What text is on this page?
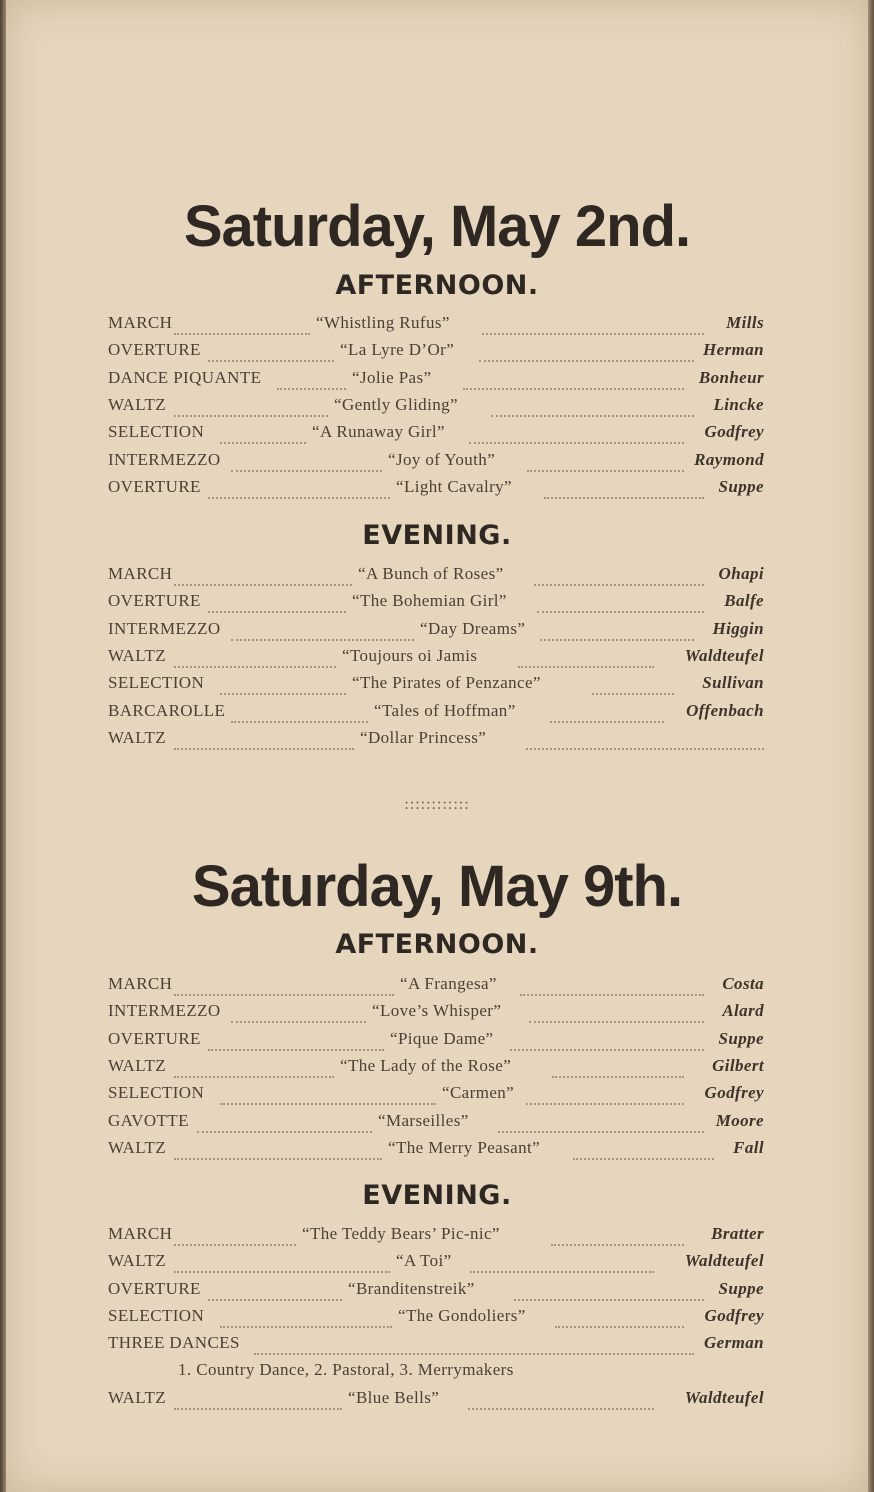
Saturday, May 2nd.
AFTERNOON.
MARCH	“Whistling Rufus”	Mills
OVERTURE	“La Lyre D’Or”	Herman
DANCE PIQUANTE	“Jolie Pas”	Bonheur
WALTZ	“Gently Gliding”	Lincke
SELECTION	“A Runaway Girl”	Godfrey
INTERMEZZO	“Joy of Youth”	Raymond
OVERTURE	“Light Cavalry”	Suppe
EVENING.
MARCH	“A Bunch of Roses”	Ohapi
OVERTURE	“The Bohemian Girl”	Balfe
INTERMEZZO	“Day Dreams”	Higgin
WALTZ	“Toujours oi Jamis	Waldteufel
SELECTION	“The Pirates of Penzance”	Sullivan
BARCAROLLE	“Tales of Hoffman”	Offenbach
WALTZ	“Dollar Princess”
::::::::::::
Saturday, May 9th.
AFTERNOON.
MARCH	“A Frangesa”	Costa
INTERMEZZO	“Love’s Whisper”	Alard
OVERTURE	“Pique Dame”	Suppe
WALTZ	“The Lady of the Rose”	Gilbert
SELECTION	“Carmen”	Godfrey
GAVOTTE	“Marseilles”	Moore
WALTZ	“The Merry Peasant”	Fall
EVENING.
MARCH	“The Teddy Bears’ Pic-nic”	Bratter
WALTZ	“A Toi”	Waldteufel
OVERTURE	“Branditenstreik”	Suppe
SELECTION	“The Gondoliers”	Godfrey
THREE DANCES	German
WALTZ	“Blue Bells”	Waldteufel
1. Country Dance, 2. Pastoral, 3. Merrymakers
